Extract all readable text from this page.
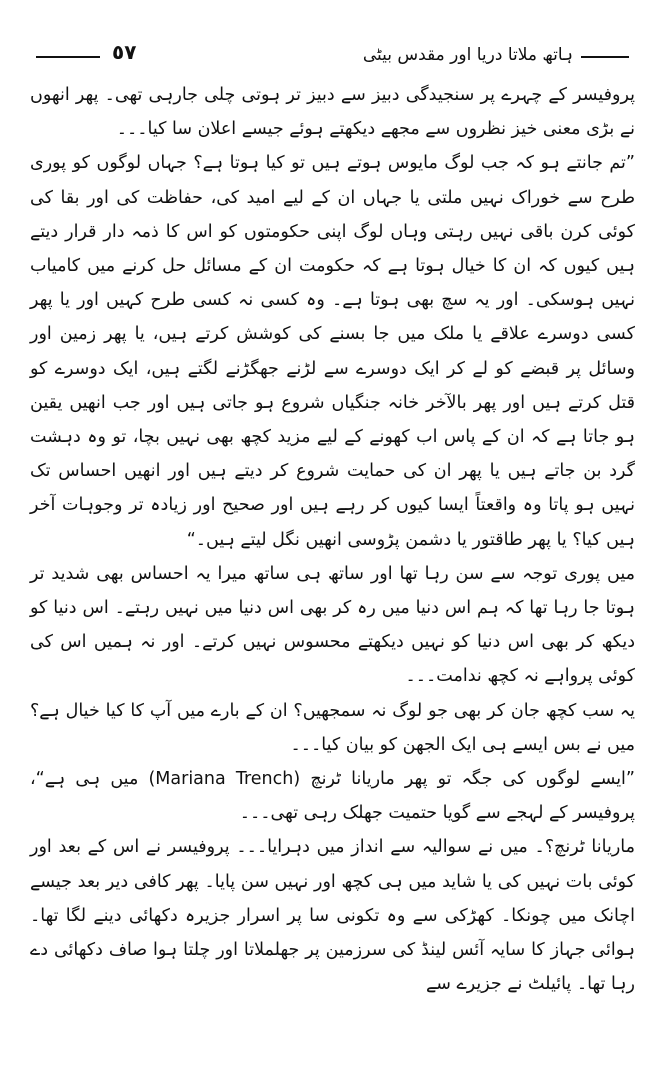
٥٧	ہاتھ ملاتا دریا اور مقدس بیٹی

پروفیسر کے چہرے پر سنجیدگی دبیز سے دبیز تر ہوتی چلی جارہی تھی۔ پھر انھوں نے بڑی معنی خیز نظروں سے مجھے دیکھتے ہوئے جیسے اعلان سا کیا۔۔۔

”تم جانتے ہو کہ جب لوگ مایوس ہوتے ہیں تو کیا ہوتا ہے؟ جہاں لوگوں کو پوری طرح سے خوراک نہیں ملتی یا جہاں ان کے لیے امید کی، حفاظت کی اور بقا کی کوئی کرن باقی نہیں رہتی وہاں لوگ اپنی حکومتوں کو اس کا ذمہ دار قرار دیتے ہیں کیوں کہ ان کا خیال ہوتا ہے کہ حکومت ان کے مسائل حل کرنے میں کامیاب نہیں ہوسکی۔ اور یہ سچ بھی ہوتا ہے۔ وہ کسی نہ کسی طرح کہیں اور یا پھر کسی دوسرے علاقے یا ملک میں جا بسنے کی کوشش کرتے ہیں، یا پھر زمین اور وسائل پر قبضے کو لے کر ایک دوسرے سے لڑنے جھگڑنے لگتے ہیں، ایک دوسرے کو قتل کرتے ہیں اور پھر بالآخر خانہ جنگیاں شروع ہو جاتی ہیں اور جب انھیں یقین ہو جاتا ہے کہ ان کے پاس اب کھونے کے لیے مزید کچھ بھی نہیں بچا، تو وہ دہشت گرد بن جاتے ہیں یا پھر ان کی حمایت شروع کر دیتے ہیں اور انھیں احساس تک نہیں ہو پاتا وہ واقعتاً ایسا کیوں کر رہے ہیں اور صحیح اور زیادہ تر وجوہات آخر ہیں کیا؟ یا پھر طاقتور یا دشمن پڑوسی انھیں نگل لیتے ہیں۔“

میں پوری توجہ سے سن رہا تھا اور ساتھ ہی ساتھ میرا یہ احساس بھی شدید تر ہوتا جا رہا تھا کہ ہم اس دنیا میں رہ کر بھی اس دنیا میں نہیں رہتے۔ اس دنیا کو دیکھ کر بھی اس دنیا کو نہیں دیکھتے محسوس نہیں کرتے۔ اور نہ ہمیں اس کی کوئی پرواہے نہ کچھ ندامت۔۔۔

یہ سب کچھ جان کر بھی جو لوگ نہ سمجھیں؟ ان کے بارے میں آپ کا کیا خیال ہے؟ میں نے بس ایسے ہی ایک الجھن کو بیان کیا۔۔۔

”ایسے لوگوں کی جگہ تو پھر ماریانا ٹرنچ (Mariana Trench) میں ہی ہے“، پروفیسر کے لہجے سے گویا حتمیت جھلک رہی تھی۔۔۔

ماریانا ٹرنچ؟۔ میں نے سوالیہ سے انداز میں دہرایا۔۔۔ پروفیسر نے اس کے بعد اور کوئی بات نہیں کی یا شاید میں ہی کچھ اور نہیں سن پایا۔ پھر کافی دیر بعد جیسے اچانک میں چونکا۔ کھڑکی سے وہ تکونی سا پر اسرار جزیرہ دکھائی دینے لگا تھا۔ ہوائی جہاز کا سایہ آئس لینڈ کی سرزمین پر جھلملاتا اور چلتا ہوا صاف دکھائی دے رہا تھا۔ پائیلٹ نے جزیرے سے
